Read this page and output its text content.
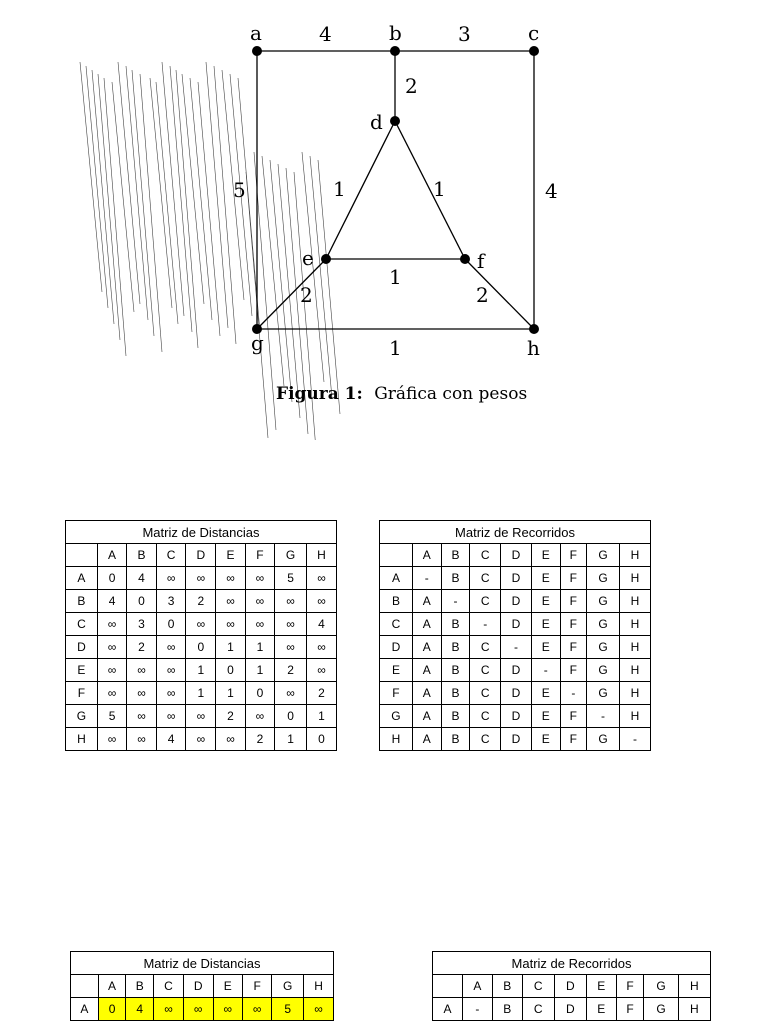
a	b	c
d
e	f
g	h
4	3
2
5	4
1	1
1
2	2
1
Figura 1: Gráfica con pesos
Matriz de Distancias								
	A	B	C	D	E	F	G	H
A	0	4	∞	∞	∞	∞	5	∞
B	4	0	3	2	∞	∞	∞	∞
C	∞	3	0	∞	∞	∞	∞	4
D	∞	2	∞	0	1	1	∞	∞
E	∞	∞	∞	1	0	1	2	∞
F	∞	∞	∞	1	1	0	∞	2
G	5	∞	∞	∞	2	∞	0	1
H	∞	∞	4	∞	∞	2	1	0
Matriz de Recorridos								
	A	B	C	D	E	F	G	H
A	-	B	C	D	E	F	G	H
B	A	-	C	D	E	F	G	H
C	A	B	-	D	E	F	G	H
D	A	B	C	-	E	F	G	H
E	A	B	C	D	-	F	G	H
F	A	B	C	D	E	-	G	H
G	A	B	C	D	E	F	-	H
H	A	B	C	D	E	F	G	-
Matriz de Distancias								
	A	B	C	D	E	F	G	H
A	0	4	∞	∞	∞	∞	5	∞
Matriz de Recorridos								
	A	B	C	D	E	F	G	H
A	-	B	C	D	E	F	G	H
